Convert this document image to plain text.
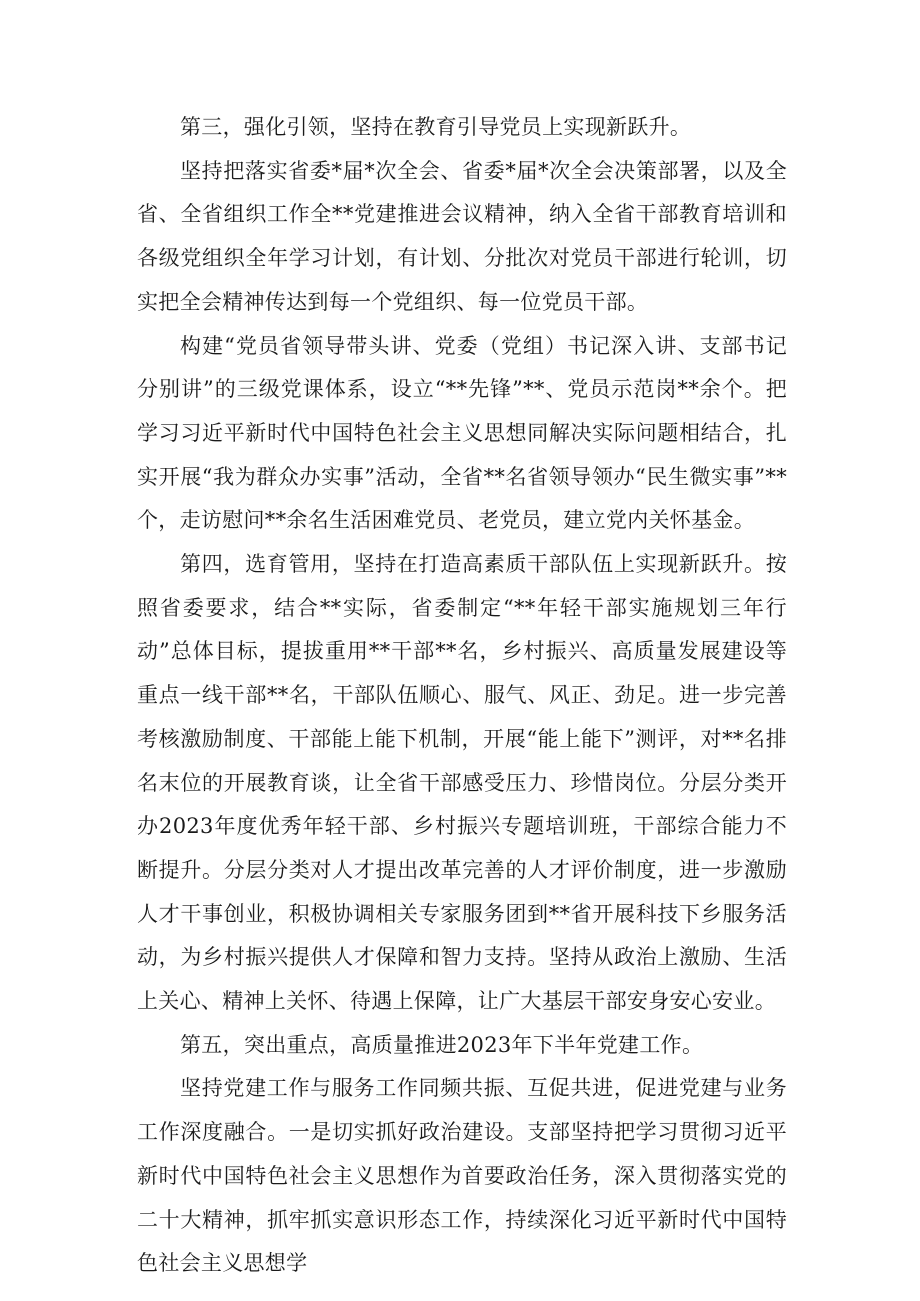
第三，强化引领，坚持在教育引导党员上实现新跃升。

坚持把落实省委*届*次全会、省委*届*次全会决策部署，以及全省、全省组织工作全**党建推进会议精神，纳入全省干部教育培训和各级党组织全年学习计划，有计划、分批次对党员干部进行轮训，切实把全会精神传达到每一个党组织、每一位党员干部。

构建“党员省领导带头讲、党委（党组）书记深入讲、支部书记分别讲”的三级党课体系，设立“**先锋”**、党员示范岗**余个。把学习习近平新时代中国特色社会主义思想同解决实际问题相结合，扎实开展“我为群众办实事”活动，全省**名省领导领办“民生微实事”**个，走访慰问**余名生活困难党员、老党员，建立党内关怀基金。

第四，选育管用，坚持在打造高素质干部队伍上实现新跃升。按照省委要求，结合**实际，省委制定“**年轻干部实施规划三年行动”总体目标，提拔重用**干部**名，乡村振兴、高质量发展建设等重点一线干部**名，干部队伍顺心、服气、风正、劲足。进一步完善考核激励制度、干部能上能下机制，开展“能上能下”测评，对**名排名末位的开展教育谈，让全省干部感受压力、珍惜岗位。分层分类开办2023年度优秀年轻干部、乡村振兴专题培训班，干部综合能力不断提升。分层分类对人才提出改革完善的人才评价制度，进一步激励人才干事创业，积极协调相关专家服务团到**省开展科技下乡服务活动，为乡村振兴提供人才保障和智力支持。坚持从政治上激励、生活上关心、精神上关怀、待遇上保障，让广大基层干部安身安心安业。

第五，突出重点，高质量推进2023年下半年党建工作。

坚持党建工作与服务工作同频共振、互促共进，促进党建与业务工作深度融合。一是切实抓好政治建设。支部坚持把学习贯彻习近平新时代中国特色社会主义思想作为首要政治任务，深入贯彻落实党的二十大精神，抓牢抓实意识形态工作，持续深化习近平新时代中国特色社会主义思想学
